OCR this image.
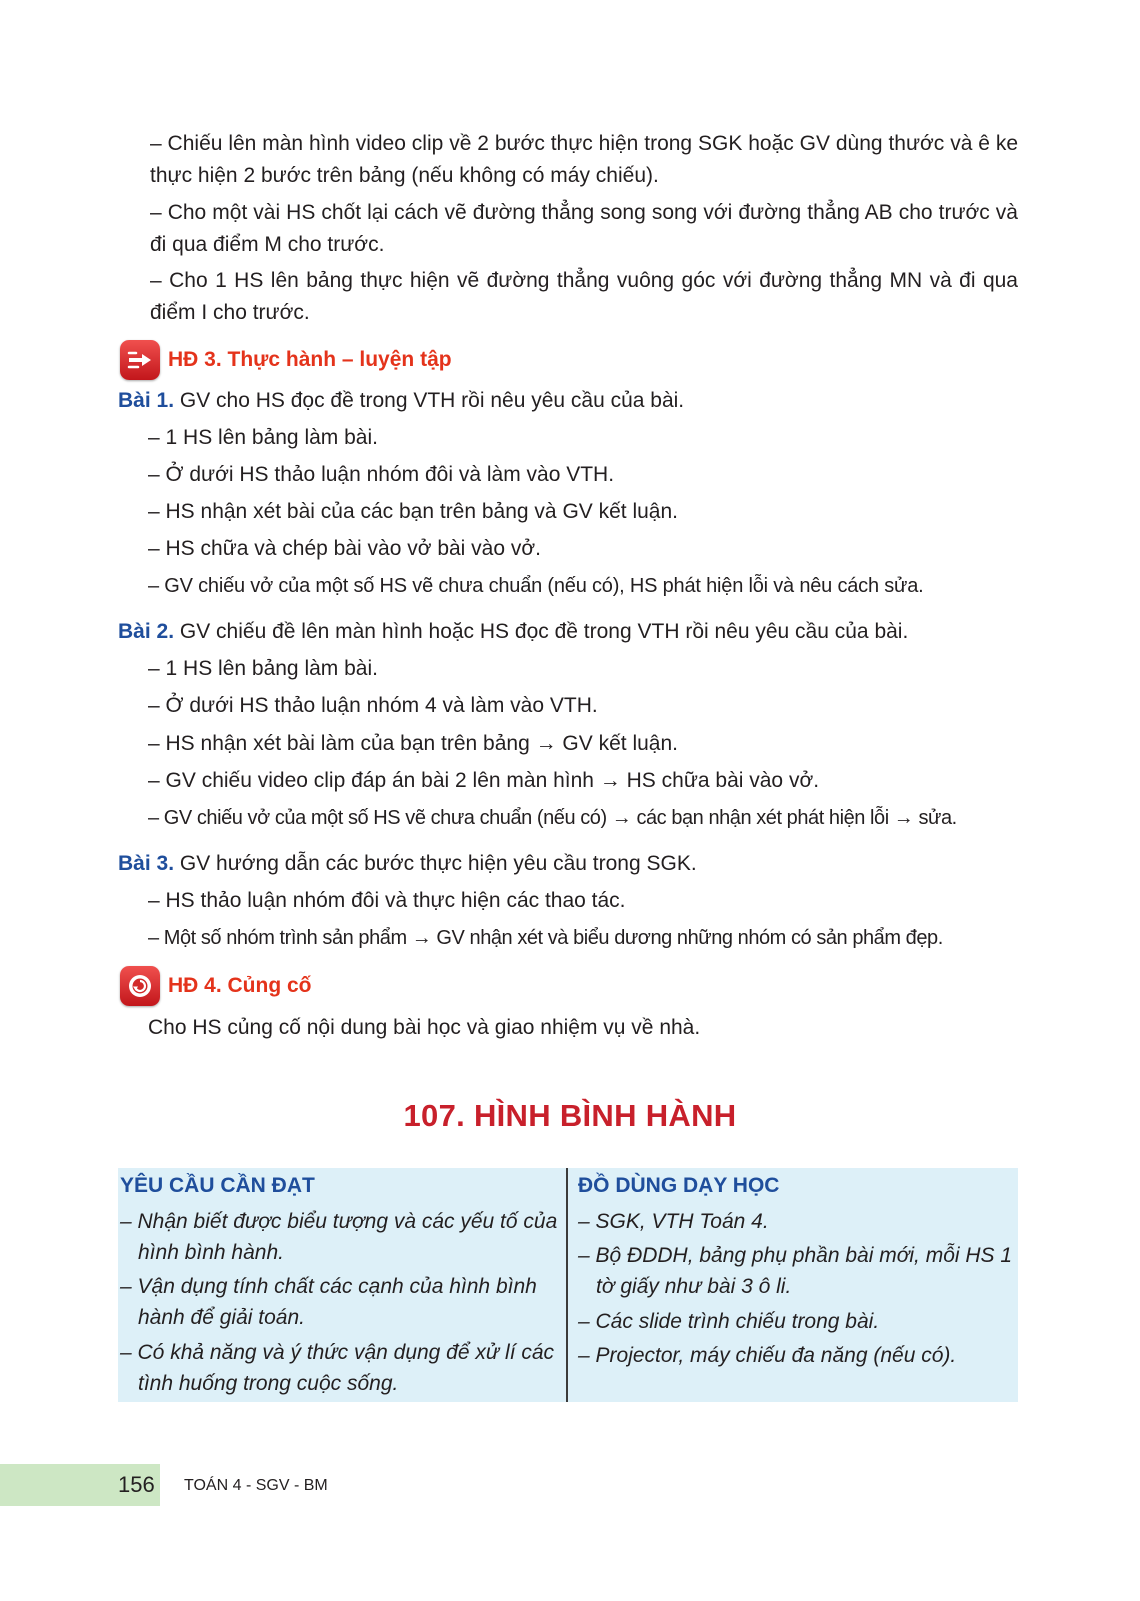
– Chiếu lên màn hình video clip về 2 bước thực hiện trong SGK hoặc GV dùng thước và ê ke thực hiện 2 bước trên bảng (nếu không có máy chiếu).

– Cho một vài HS chốt lại cách vẽ đường thẳng song song với đường thẳng AB cho trước và đi qua điểm M cho trước.

– Cho 1 HS lên bảng thực hiện vẽ đường thẳng vuông góc với đường thẳng MN và đi qua điểm I cho trước.

HĐ 3. Thực hành – luyện tập

Bài 1. GV cho HS đọc đề trong VTH rồi nêu yêu cầu của bài.

– 1 HS lên bảng làm bài.

– Ở dưới HS thảo luận nhóm đôi và làm vào VTH.

– HS nhận xét bài của các bạn trên bảng và GV kết luận.

– HS chữa và chép bài vào vở bài vào vở.

– GV chiếu vở của một số HS vẽ chưa chuẩn (nếu có), HS phát hiện lỗi và nêu cách sửa.

Bài 2. GV chiếu đề lên màn hình hoặc HS đọc đề trong VTH rồi nêu yêu cầu của bài.

– 1 HS lên bảng làm bài.

– Ở dưới HS thảo luận nhóm 4 và làm vào VTH.

– HS nhận xét bài làm của bạn trên bảng → GV kết luận.

– GV chiếu video clip đáp án bài 2 lên màn hình → HS chữa bài vào vở.

– GV chiếu vở của một số HS vẽ chưa chuẩn (nếu có) → các bạn nhận xét phát hiện lỗi → sửa.

Bài 3. GV hướng dẫn các bước thực hiện yêu cầu trong SGK.

– HS thảo luận nhóm đôi và thực hiện các thao tác.

– Một số nhóm trình sản phẩm → GV nhận xét và biểu dương những nhóm có sản phẩm đẹp.

HĐ 4. Củng cố

Cho HS củng cố nội dung bài học và giao nhiệm vụ về nhà.

107. HÌNH BÌNH HÀNH

YÊU CẦU CẦN ĐẠT

– Nhận biết được biểu tượng và các yếu tố của hình bình hành.

– Vận dụng tính chất các cạnh của hình bình hành để giải toán.

– Có khả năng và ý thức vận dụng để xử lí các tình huống trong cuộc sống.

ĐỒ DÙNG DẠY HỌC

– SGK, VTH Toán 4.

– Bộ ĐDDH, bảng phụ phần bài mới, mỗi HS 1 tờ giấy như bài 3 ô li.

– Các slide trình chiếu trong bài.

– Projector, máy chiếu đa năng (nếu có).

156 TOÁN 4 - SGV - BM
